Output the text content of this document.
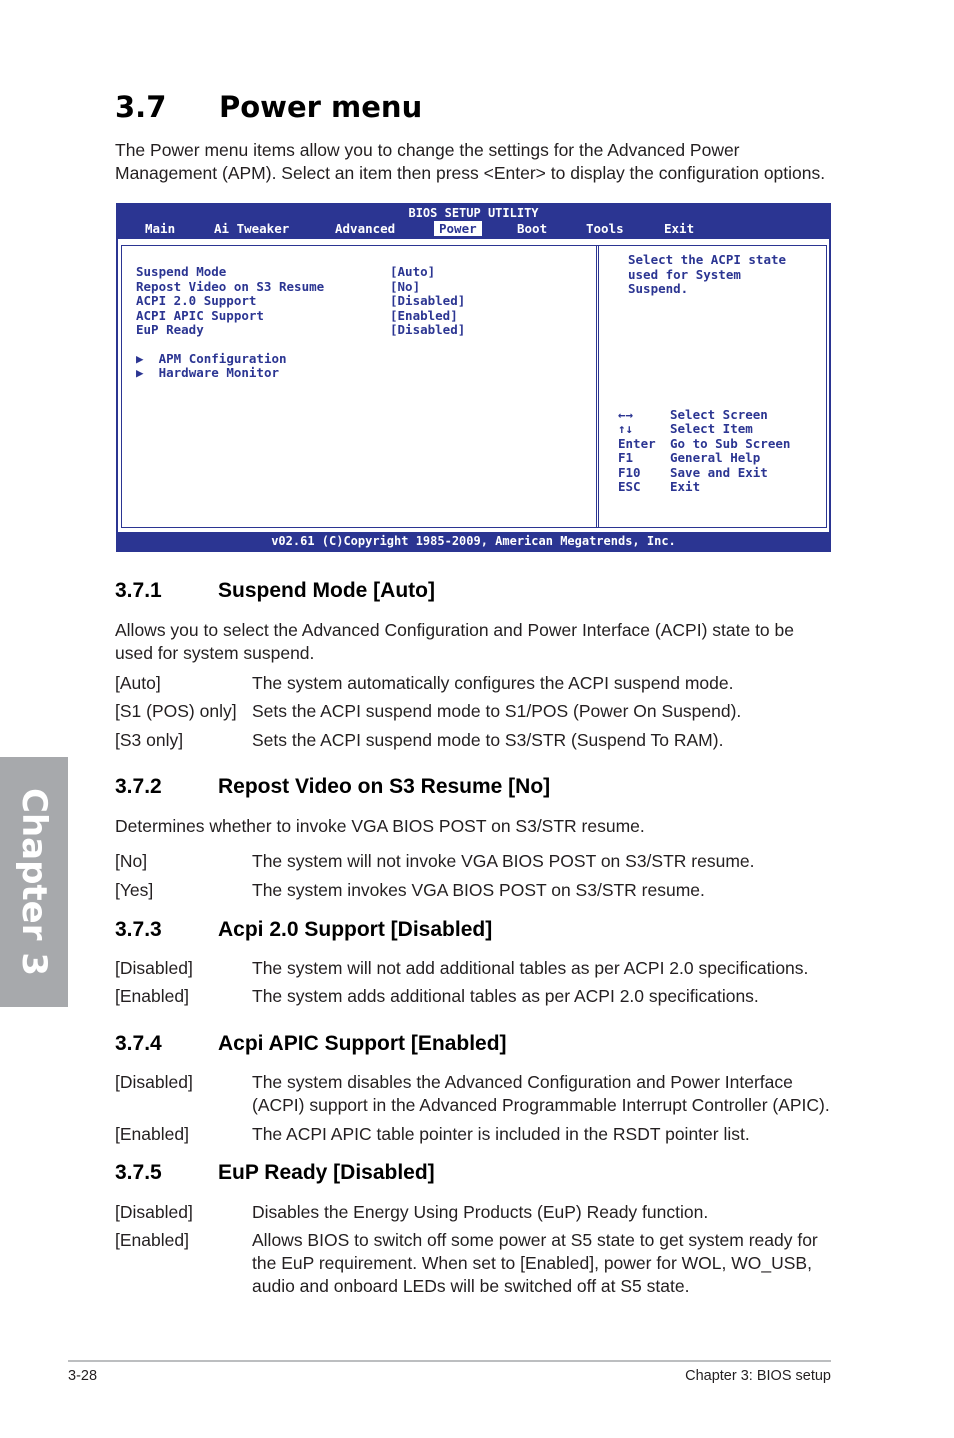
Chapter 3
3.7 Power menu

The Power menu items allow you to change the settings for the Advanced Power Management (APM). Select an item then press <Enter> to display the configuration options.

BIOS SETUP UTILITY
Main	Ai Tweaker	Advanced	Power	Boot	Tools	Exit
Suspend Mode	[Auto]
Repost Video on S3 Resume	[No]
ACPI 2.0 Support	[Disabled]
ACPI APIC Support	[Enabled]
EuP Ready	[Disabled]
▶ APM Configuration
▶ Hardware Monitor
Select the ACPI state
used for System
Suspend.
←→	Select Screen
↑↓	Select Item
Enter Go to Sub Screen
F1	General Help
F10 Save and Exit
ESC Exit
v02.61 (C)Copyright 1985-2009, American Megatrends, Inc.
3.7.1	Suspend Mode [Auto]

Allows you to select the Advanced Configuration and Power Interface (ACPI) state to be used for system suspend.

[Auto]	The system automatically configures the ACPI suspend mode.
[S1 (POS) only] Sets the ACPI suspend mode to S1/POS (Power On Suspend).
[S3 only]	Sets the ACPI suspend mode to S3/STR (Suspend To RAM).
3.7.2	Repost Video on S3 Resume [No]

Determines whether to invoke VGA BIOS POST on S3/STR resume.

[No]	The system will not invoke VGA BIOS POST on S3/STR resume.
[Yes]	The system invokes VGA BIOS POST on S3/STR resume.
3.7.3	Acpi 2.0 Support [Disabled]
[Disabled]	The system will not add additional tables as per ACPI 2.0 specifications.
[Enabled]	The system adds additional tables as per ACPI 2.0 specifications.
3.7.4	Acpi APIC Support [Enabled]
[Disabled]	The system disables the Advanced Configuration and Power Interface (ACPI) support in the Advanced Programmable Interrupt Controller (APIC).
[Enabled]	The ACPI APIC table pointer is included in the RSDT pointer list.
3.7.5	EuP Ready [Disabled]
[Disabled]	Disables the Energy Using Products (EuP) Ready function.
[Enabled]	Allows BIOS to switch off some power at S5 state to get system ready for the EuP requirement. When set to [Enabled], power for WOL, WO_USB, audio and onboard LEDs will be switched off at S5 state.
3-28	Chapter 3: BIOS setup
